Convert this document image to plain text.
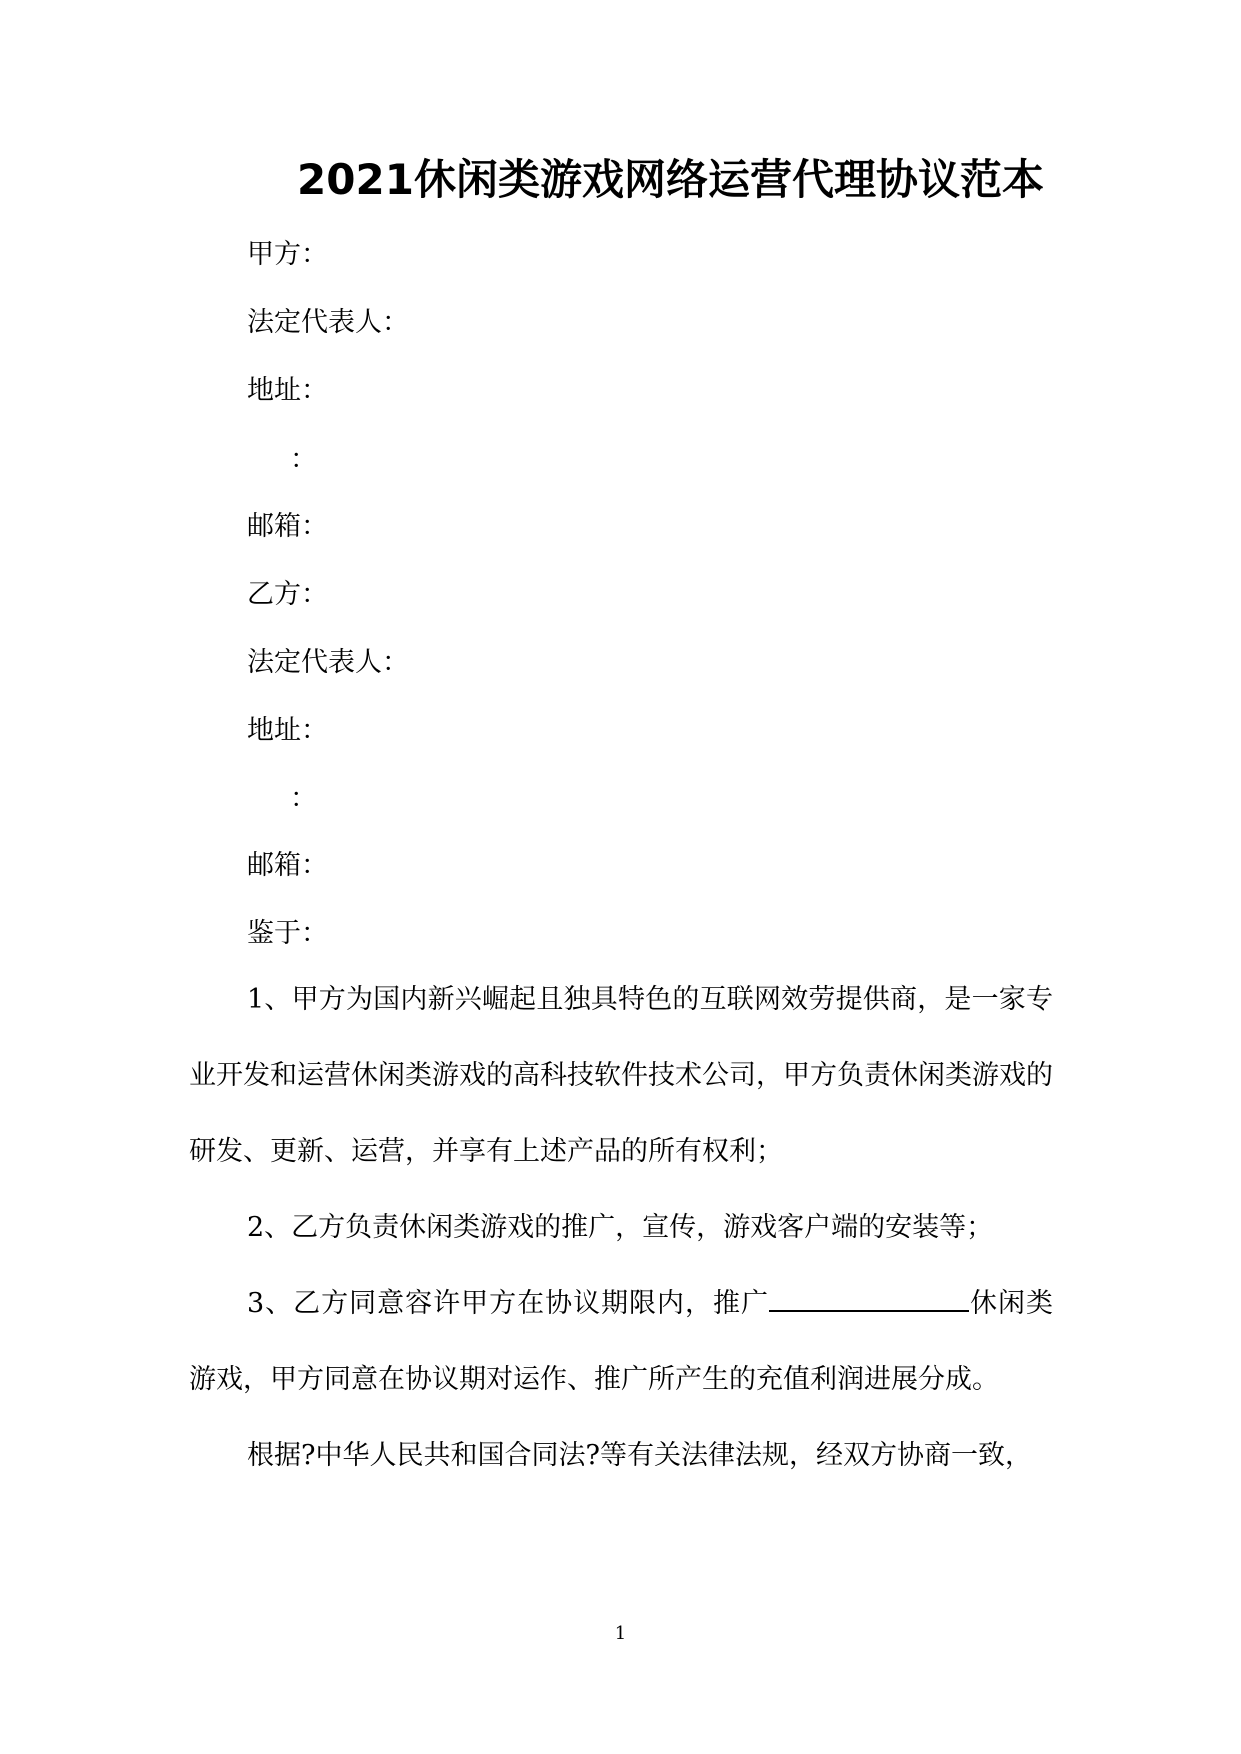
2021休闲类游戏网络运营代理协议范本
甲方：
法定代表人：
地址：
：
邮箱：
乙方：
法定代表人：
地址：
：
邮箱：
鉴于：

1、甲方为国内新兴崛起且独具特色的互联网效劳提供商，是一家专业开发和运营休闲类游戏的高科技软件技术公司，甲方负责休闲类游戏的研发、更新、运营，并享有上述产品的所有权利；

2、乙方负责休闲类游戏的推广，宣传，游戏客户端的安装等；

3、乙方同意容许甲方在协议期限内，推广	休闲类游戏，甲方同意在协议期对运作、推广所产生的充值利润进展分成。

根据?中华人民共和国合同法?等有关法律法规，经双方协商一致，

1
